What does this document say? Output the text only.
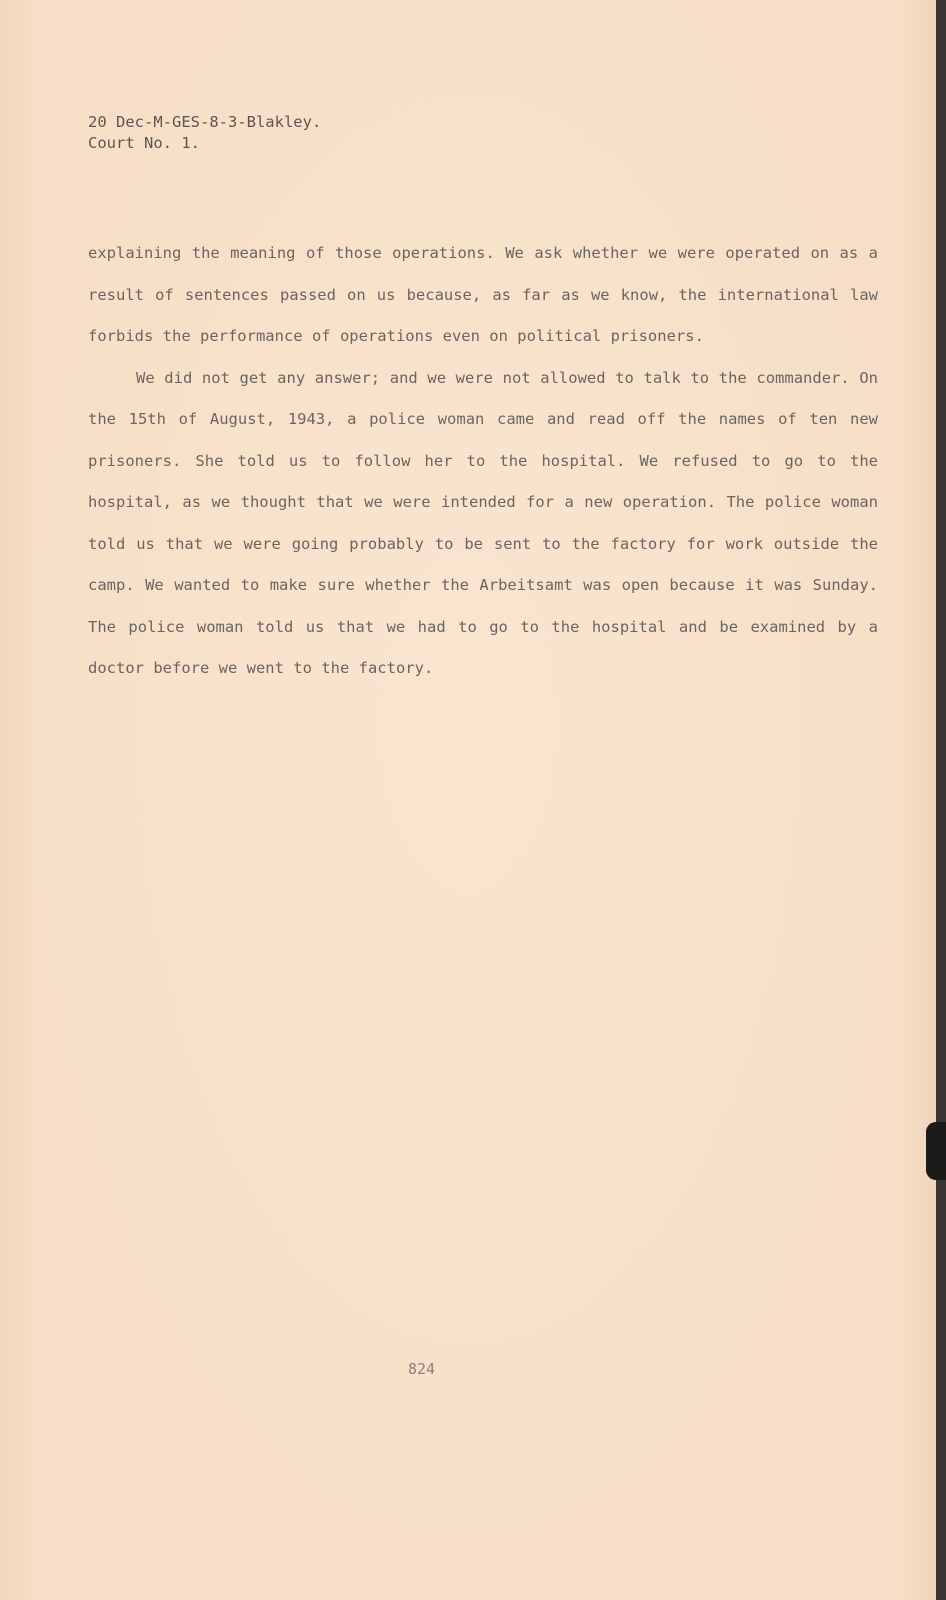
20 Dec-M-GES-8-3-Blakley.
Court No. 1.

explaining the meaning of those operations. We ask whether we were operated on as a result of sentences passed on us because, as far as we know, the international law forbids the performance of operations even on political prisoners.

We did not get any answer; and we were not allowed to talk to the commander. On the 15th of August, 1943, a police woman came and read off the names of ten new prisoners. She told us to follow her to the hospital. We refused to go to the hospital, as we thought that we were intended for a new operation. The police woman told us that we were going probably to be sent to the factory for work outside the camp. We wanted to make sure whether the Arbeitsamt was open because it was Sunday. The police woman told us that we had to go to the hospital and be examined by a doctor before we went to the factory.

824
